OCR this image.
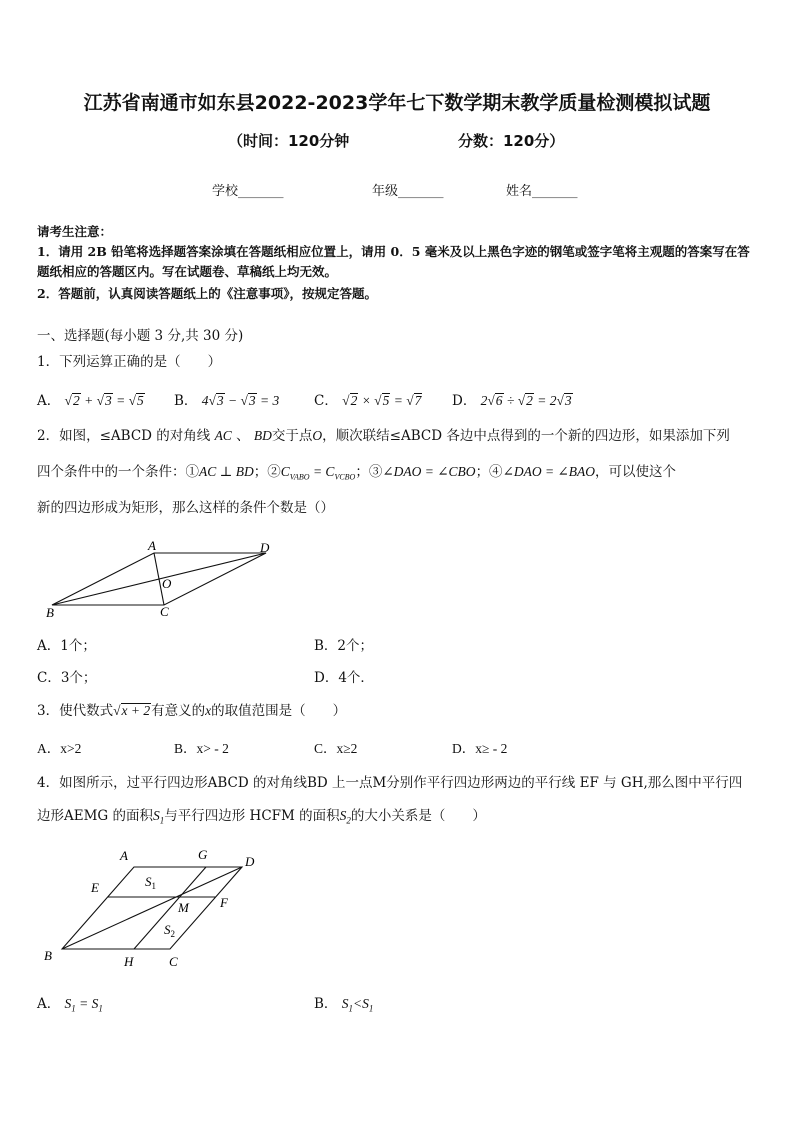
江苏省南通市如东县2022-2023学年七下数学期末教学质量检测模拟试题
（时间：120分钟	分数：120分）
学校_______	年级_______	姓名_______
请考生注意：
1．请用 2B 铅笔将选择题答案涂填在答题纸相应位置上，请用 0．5 毫米及以上黑色字迹的钢笔或签字笔将主观题的答案写在答题纸相应的答题区内。写在试题卷、草稿纸上均无效。
2．答题前，认真阅读答题纸上的《注意事项》，按规定答题。
一、选择题(每小题 3 分,共 30 分)
1．下列运算正确的是（　　）
A． √2 + √3 = √5 B． 4√3 − √3 = 3	C． √2 × √5 = √7 D． 2√6 ÷ √2 = 2√3
2．如图，≤ABCD 的对角线 AC 、 BD交于点O，顺次联结≤ABCD 各边中点得到的一个新的四边形，如果添加下列
四个条件中的一个条件：①AC ⊥ BD；$②C_{VABO} = C_{VCBO}$；③∠DAO = ∠CBO；④∠DAO = ∠BAO，可以使这个
新的四边形成为矩形，那么这样的条件个数是（）
A	D
O
B	C
A．1个；	B．2个；
C．3个；	D．4个．
3．使代数式√x + 2有意义的x的取值范围是（　　）
A．x>2	B．x> - 2	C．x≥2	D．x≥ - 2
4．如图所示，过平行四边形ABCD 的对角线BD 上一点M分别作平行四边形两边的平行线 EF 与 GH,那么图中平行四
边形AEMG 的面积$S_1$与平行四边形 HCFM 的面积$S_2$的大小关系是（　　）
A	G	D
E
M F
B	H	C
$S_1$
$S_2$
A． $S_1 = S_1$	B． $S_1<S_1$
